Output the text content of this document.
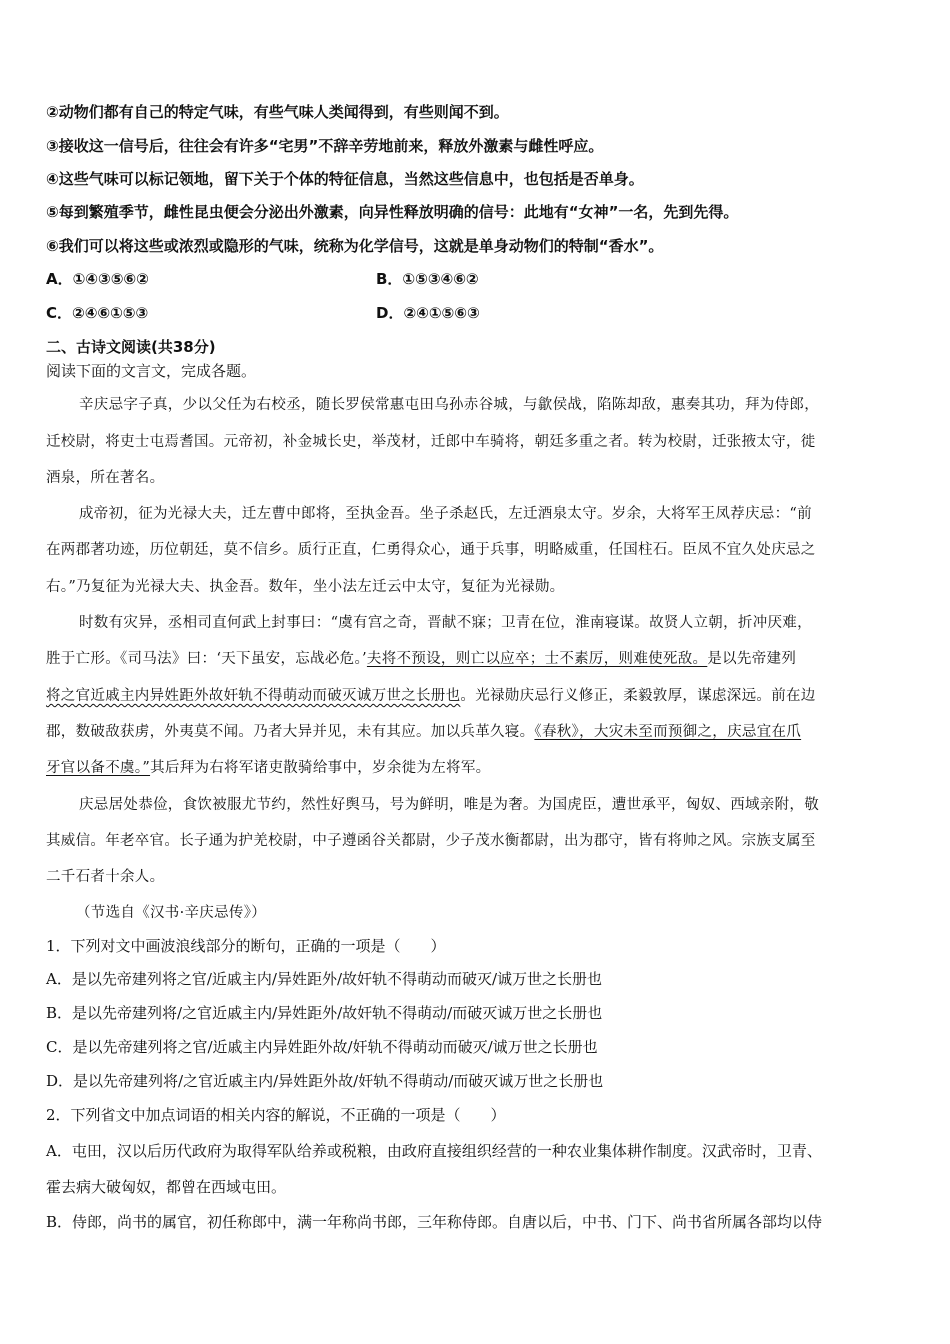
②动物们都有自己的特定气味，有些气味人类闻得到，有些则闻不到。
③接收这一信号后，往往会有许多“宅男”不辞辛劳地前来，释放外激素与雌性呼应。
④这些气味可以标记领地，留下关于个体的特征信息，当然这些信息中，也包括是否单身。
⑤每到繁殖季节，雌性昆虫便会分泌出外激素，向异性释放明确的信号：此地有“女神”一名，先到先得。
⑥我们可以将这些或浓烈或隐形的气味，统称为化学信号，这就是单身动物们的特制“香水”。
A．①④③⑤⑥②	B．①⑤③④⑥②
C．②④⑥①⑤③	D．②④①⑤⑥③
二、古诗文阅读(共38分)
阅读下面的文言文，完成各题。
辛庆忌字子真，少以父任为右校丞，随长罗侯常惠屯田乌孙赤谷城，与歙侯战，陷陈却敌，惠奏其功，拜为侍郎，
迁校尉，将吏士屯焉耆国。元帝初，补金城长史，举茂材，迁郎中车骑将，朝廷多重之者。转为校尉，迁张掖太守，徙
酒泉，所在著名。
成帝初，征为光禄大夫，迁左曹中郎将，至执金吾。坐子杀赵氏，左迁酒泉太守。岁余，大将军王凤荐庆忌：“前
在两郡著功迹，历位朝廷，莫不信乡。质行正直，仁勇得众心，通于兵事，明略威重，任国柱石。臣凤不宜久处庆忌之
右。”乃复征为光禄大夫、执金吾。数年，坐小法左迁云中太守，复征为光禄勋。
时数有灾异，丞相司直何武上封事曰：“虞有宫之奇，晋献不寐；卫青在位，淮南寝谋。故贤人立朝，折冲厌难，
胜于亡形。《司马法》曰：‘天下虽安，忘战必危。’夫将不预设，则亡以应卒；士不素厉，则难使死敌。是以先帝建列
将之官近戚主内异姓距外故奸轨不得萌动而破灭诚万世之长册也。光禄勋庆忌行义修正，柔毅敦厚，谋虑深远。前在边
郡，数破敌获虏，外夷莫不闻。乃者大异并见，未有其应。加以兵革久寝。《春秋》，大灾未至而预御之，庆忌宜在爪
牙官以备不虞。”其后拜为右将军诸吏散骑给事中，岁余徙为左将军。
庆忌居处恭俭，食饮被服尤节约，然性好舆马，号为鲜明，唯是为奢。为国虎臣，遭世承平，匈奴、西域亲附，敬
其威信。年老卒官。长子通为护羌校尉，中子遵函谷关都尉，少子茂水衡都尉，出为郡守，皆有将帅之风。宗族支属至
二千石者十余人。
（节选自《汉书·辛庆忌传》）
1．下列对文中画波浪线部分的断句，正确的一项是（　　）
A．是以先帝建列将之官/近戚主内/异姓距外/故奸轨不得萌动而破灭/诚万世之长册也
B．是以先帝建列将/之官近戚主内/异姓距外/故奸轨不得萌动/而破灭诚万世之长册也
C．是以先帝建列将之官/近戚主内异姓距外故/奸轨不得萌动而破灭/诚万世之长册也
D．是以先帝建列将/之官近戚主内/异姓距外故/奸轨不得萌动/而破灭诚万世之长册也
2．下列省文中加点词语的相关内容的解说，不正确的一项是（　　）
A．屯田，汉以后历代政府为取得军队给养或税粮，由政府直接组织经营的一种农业集体耕作制度。汉武帝时，卫青、
霍去病大破匈奴，都曾在西域屯田。
B．侍郎，尚书的属官，初任称郎中，满一年称尚书郎，三年称侍郎。自唐以后，中书、门下、尚书省所属各部均以侍
